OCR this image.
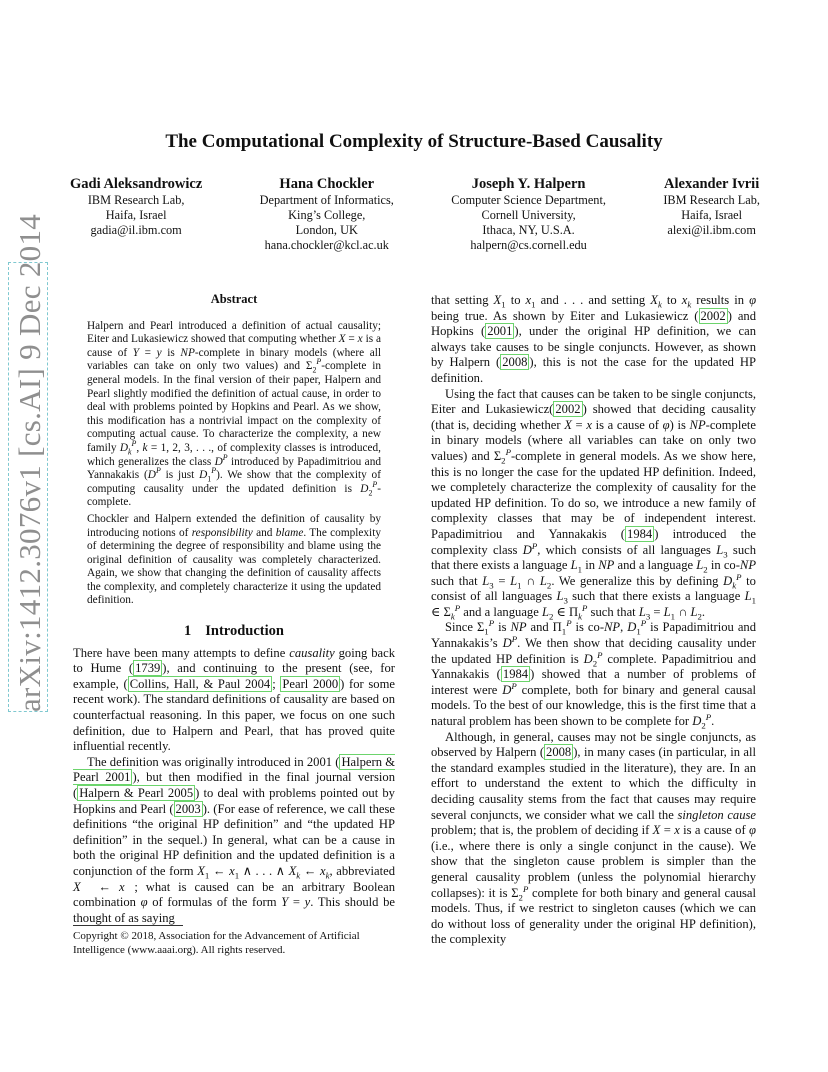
arXiv:1412.3076v1 [cs.AI] 9 Dec 2014
The Computational Complexity of Structure-Based Causality
Gadi Aleksandrowicz
IBM Research Lab,
Haifa, Israel
gadia@il.ibm.com
Hana Chockler
Department of Informatics,
King’s College,
London, UK
hana.chockler@kcl.ac.uk
Joseph Y. Halpern
Computer Science Department,
Cornell University,
Ithaca, NY, U.S.A.
halpern@cs.cornell.edu
Alexander Ivrii
IBM Research Lab,
Haifa, Israel
alexi@il.ibm.com
Abstract

Halpern and Pearl introduced a definition of actual causality; Eiter and Lukasiewicz showed that computing whether X = x is a cause of Y = y is NP-complete in binary models (where all variables can take on only two values) and $\Sigma_2^P$-complete in general models. In the final version of their paper, Halpern and Pearl slightly modified the definition of actual cause, in order to deal with problems pointed by Hopkins and Pearl. As we show, this modification has a nontrivial impact on the complexity of computing actual cause. To characterize the complexity, a new family $D_k^P$, k = 1, 2, 3, . . ., of complexity classes is introduced, which generalizes the class $D^P$ introduced by Papadimitriou and Yannakakis ($D^P$ is just $D_1^P$). We show that the complexity of computing causality under the updated definition is $D_2^P$-complete.

Chockler and Halpern extended the definition of causality by introducing notions of responsibility and blame. The complexity of determining the degree of responsibility and blame using the original definition of causality was completely characterized. Again, we show that changing the definition of causality affects the complexity, and completely characterize it using the updated definition.

1 Introduction

There have been many attempts to define causality going back to Hume ( 1739 ), and continuing to the present (see, for example, ( Collins, Hall, & Paul 2004 ; Pearl 2000 ) for some recent work). The standard definitions of causality are based on counterfactual reasoning. In this paper, we focus on one such definition, due to Halpern and Pearl, that has proved quite influential recently.

The definition was originally introduced in 2001 ( Halpern & Pearl 2001 ), but then modified in the final journal version ( Halpern & Pearl 2005 ) to deal with problems pointed out by Hopkins and Pearl ( 2003 ). (For ease of reference, we call these definitions “the original HP definition” and “the updated HP definition” in the sequel.) In general, what can be a cause in both the original HP definition and the updated definition is a conjunction of the form $X_1$ ← $x_1$ ∧ . . . ∧ $X_k$ ← $x_k$, abbreviated X⃗ ← x⃗; what is caused can be an arbitrary Boolean combination φ of formulas of the form Y = y. This should be thought of as saying

Copyright © 2018, Association for the Advancement of Artificial Intelligence (www.aaai.org). All rights reserved.

that setting $X_1$ to $x_1$ and . . . and setting $X_k$ to $x_k$ results in φ being true. As shown by Eiter and Lukasiewicz ( 2002 ) and Hopkins ( 2001 ), under the original HP definition, we can always take causes to be single conjuncts. However, as shown by Halpern ( 2008 ), this is not the case for the updated HP definition.

Using the fact that causes can be taken to be single conjuncts, Eiter and Lukasiewicz( 2002 ) showed that deciding causality (that is, deciding whether X = x is a cause of φ) is NP-complete in binary models (where all variables can take on only two values) and $\Sigma_2^P$-complete in general models. As we show here, this is no longer the case for the updated HP definition. Indeed, we completely characterize the complexity of causality for the updated HP definition. To do so, we introduce a new family of complexity classes that may be of independent interest. Papadimitriou and Yannakakis ( 1984 ) introduced the complexity class $D^P$, which consists of all languages $L_3$ such that there exists a language $L_1$ in NP and a language $L_2$ in co-NP such that $L_3 = L_1$ ∩ $L_2$. We generalize this by defining $D_k^P$ to consist of all languages $L_3$ such that there exists a language $L_1$ ∈ $\Sigma_k^P$ and a language $L_2$ ∈ $\Pi_k^P$ such that $L_3 = L_1$ ∩ $L_2$.

Since $\Sigma_1^P$ is NP and $\Pi_1^P$ is co-NP, $D_1^P$ is Papadimitriou and Yannakakis’s $D^P$. We then show that deciding causality under the updated HP definition is $D_2^P$ complete. Papadimitriou and Yannakakis ( 1984 ) showed that a number of problems of interest were $D^P$ complete, both for binary and general causal models. To the best of our knowledge, this is the first time that a natural problem has been shown to be complete for $D_2^P$.

Although, in general, causes may not be single conjuncts, as observed by Halpern ( 2008 ), in many cases (in particular, in all the standard examples studied in the literature), they are. In an effort to understand the extent to which the difficulty in deciding causality stems from the fact that causes may require several conjuncts, we consider what we call the singleton cause problem; that is, the problem of deciding if X = x is a cause of φ (i.e., where there is only a single conjunct in the cause). We show that the singleton cause problem is simpler than the general causality problem (unless the polynomial hierarchy collapses): it is $\Sigma_2^P$ complete for both binary and general causal models. Thus, if we restrict to singleton causes (which we can do without loss of generality under the original HP definition), the complexity
